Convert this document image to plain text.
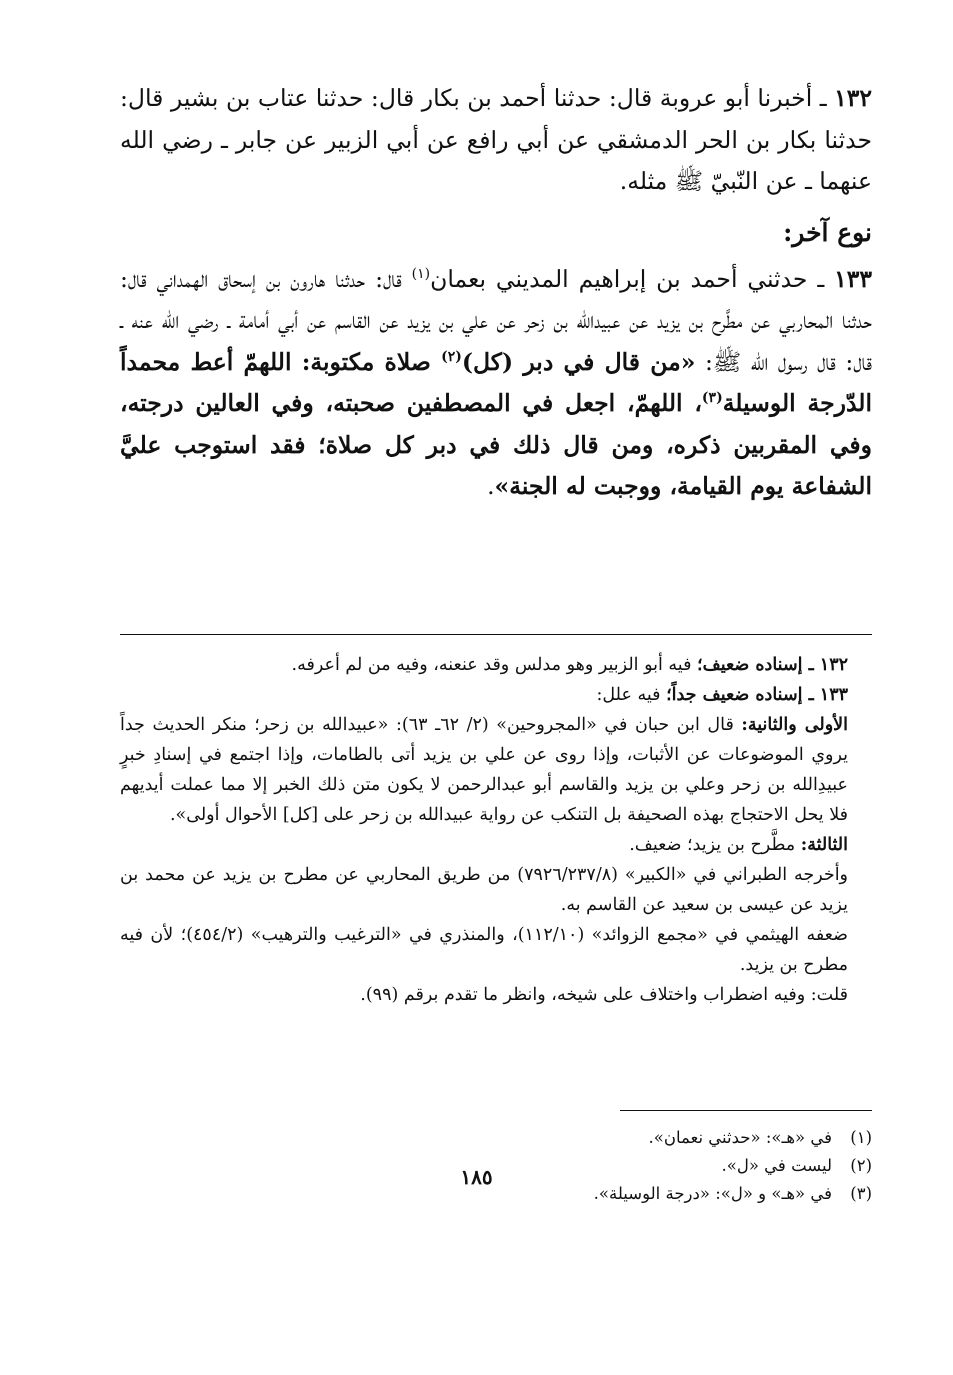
١٣٢ ـ أخبرنا أبو عروبة قال: حدثنا أحمد بن بكار قال: حدثنا عتاب بن بشير قال: حدثنا بكار بن الحر الدمشقي عن أبي رافع عن أبي الزبير عن جابر ـ رضي الله عنهما ـ عن النّبيّ ﷺ مثله.

نوع آخر:

١٣٣ ـ حدثني أحمد بن إبراهيم المديني بعمان$^{(١)}$ قال: حدثنا هارون بن إسحاق الهمداني قال: حدثنا المحاربي عن مطَّرح بن يزيد عن عبيدالله بن زحر عن علي بن يزيد عن القاسم عن أبي أمامة ـ رضي الله عنه ـ قال: قال رسول الله ﷺ: «من قال في دبر (كل)$^{(٢)}$ صلاة مكتوبة: اللهمّ أعط محمداً الدّرجة الوسيلة$^{(٣)}$، اللهمّ، اجعل في المصطفين صحبته، وفي العالين درجته، وفي المقربين ذكره، ومن قال ذلك في دبر كل صلاة؛ فقد استوجب عليَّ الشفاعة يوم القيامة، ووجبت له الجنة».

١٣٢ ـ إسناده ضعيف؛ فيه أبو الزبير وهو مدلس وقد عنعنه، وفيه من لم أعرفه.

١٣٣ ـ إسناده ضعيف جداً؛ فيه علل:

الأولى والثانية: قال ابن حبان في «المجروحين» (٢/ ٦٢ـ ٦٣): «عبيدالله بن زحر؛ منكر الحديث جداً يروي الموضوعات عن الأثبات، وإذا روى عن علي بن يزيد أتى بالطامات، وإذا اجتمع في إسنادِ خبرٍ عبيدِالله بن زحر وعلي بن يزيد والقاسم أبو عبدالرحمن لا يكون متن ذلك الخبر إلا مما عملت أيديهم فلا يحل الاحتجاج بهذه الصحيفة بل التنكب عن رواية عبيدالله بن زحر على [كل] الأحوال أولى».

الثالثة: مطَّرح بن يزيد؛ ضعيف.

وأخرجه الطبراني في «الكبير» (٧٩٢٦/٢٣٧/٨) من طريق المحاربي عن مطرح بن يزيد عن محمد بن يزيد عن عيسى بن سعيد عن القاسم به.

ضعفه الهيثمي في «مجمع الزوائد» (١١٢/١٠)، والمنذري في «الترغيب والترهيب» (٤٥٤/٢)؛ لأن فيه مطرح بن يزيد.

قلت: وفيه اضطراب واختلاف على شيخه، وانظر ما تقدم برقم (٩٩).

(١)في «هـ»: «حدثني نعمان».

(٢)ليست في «ل».

(٣)في «هـ» و «ل»: «درجة الوسيلة».

١٨٥
